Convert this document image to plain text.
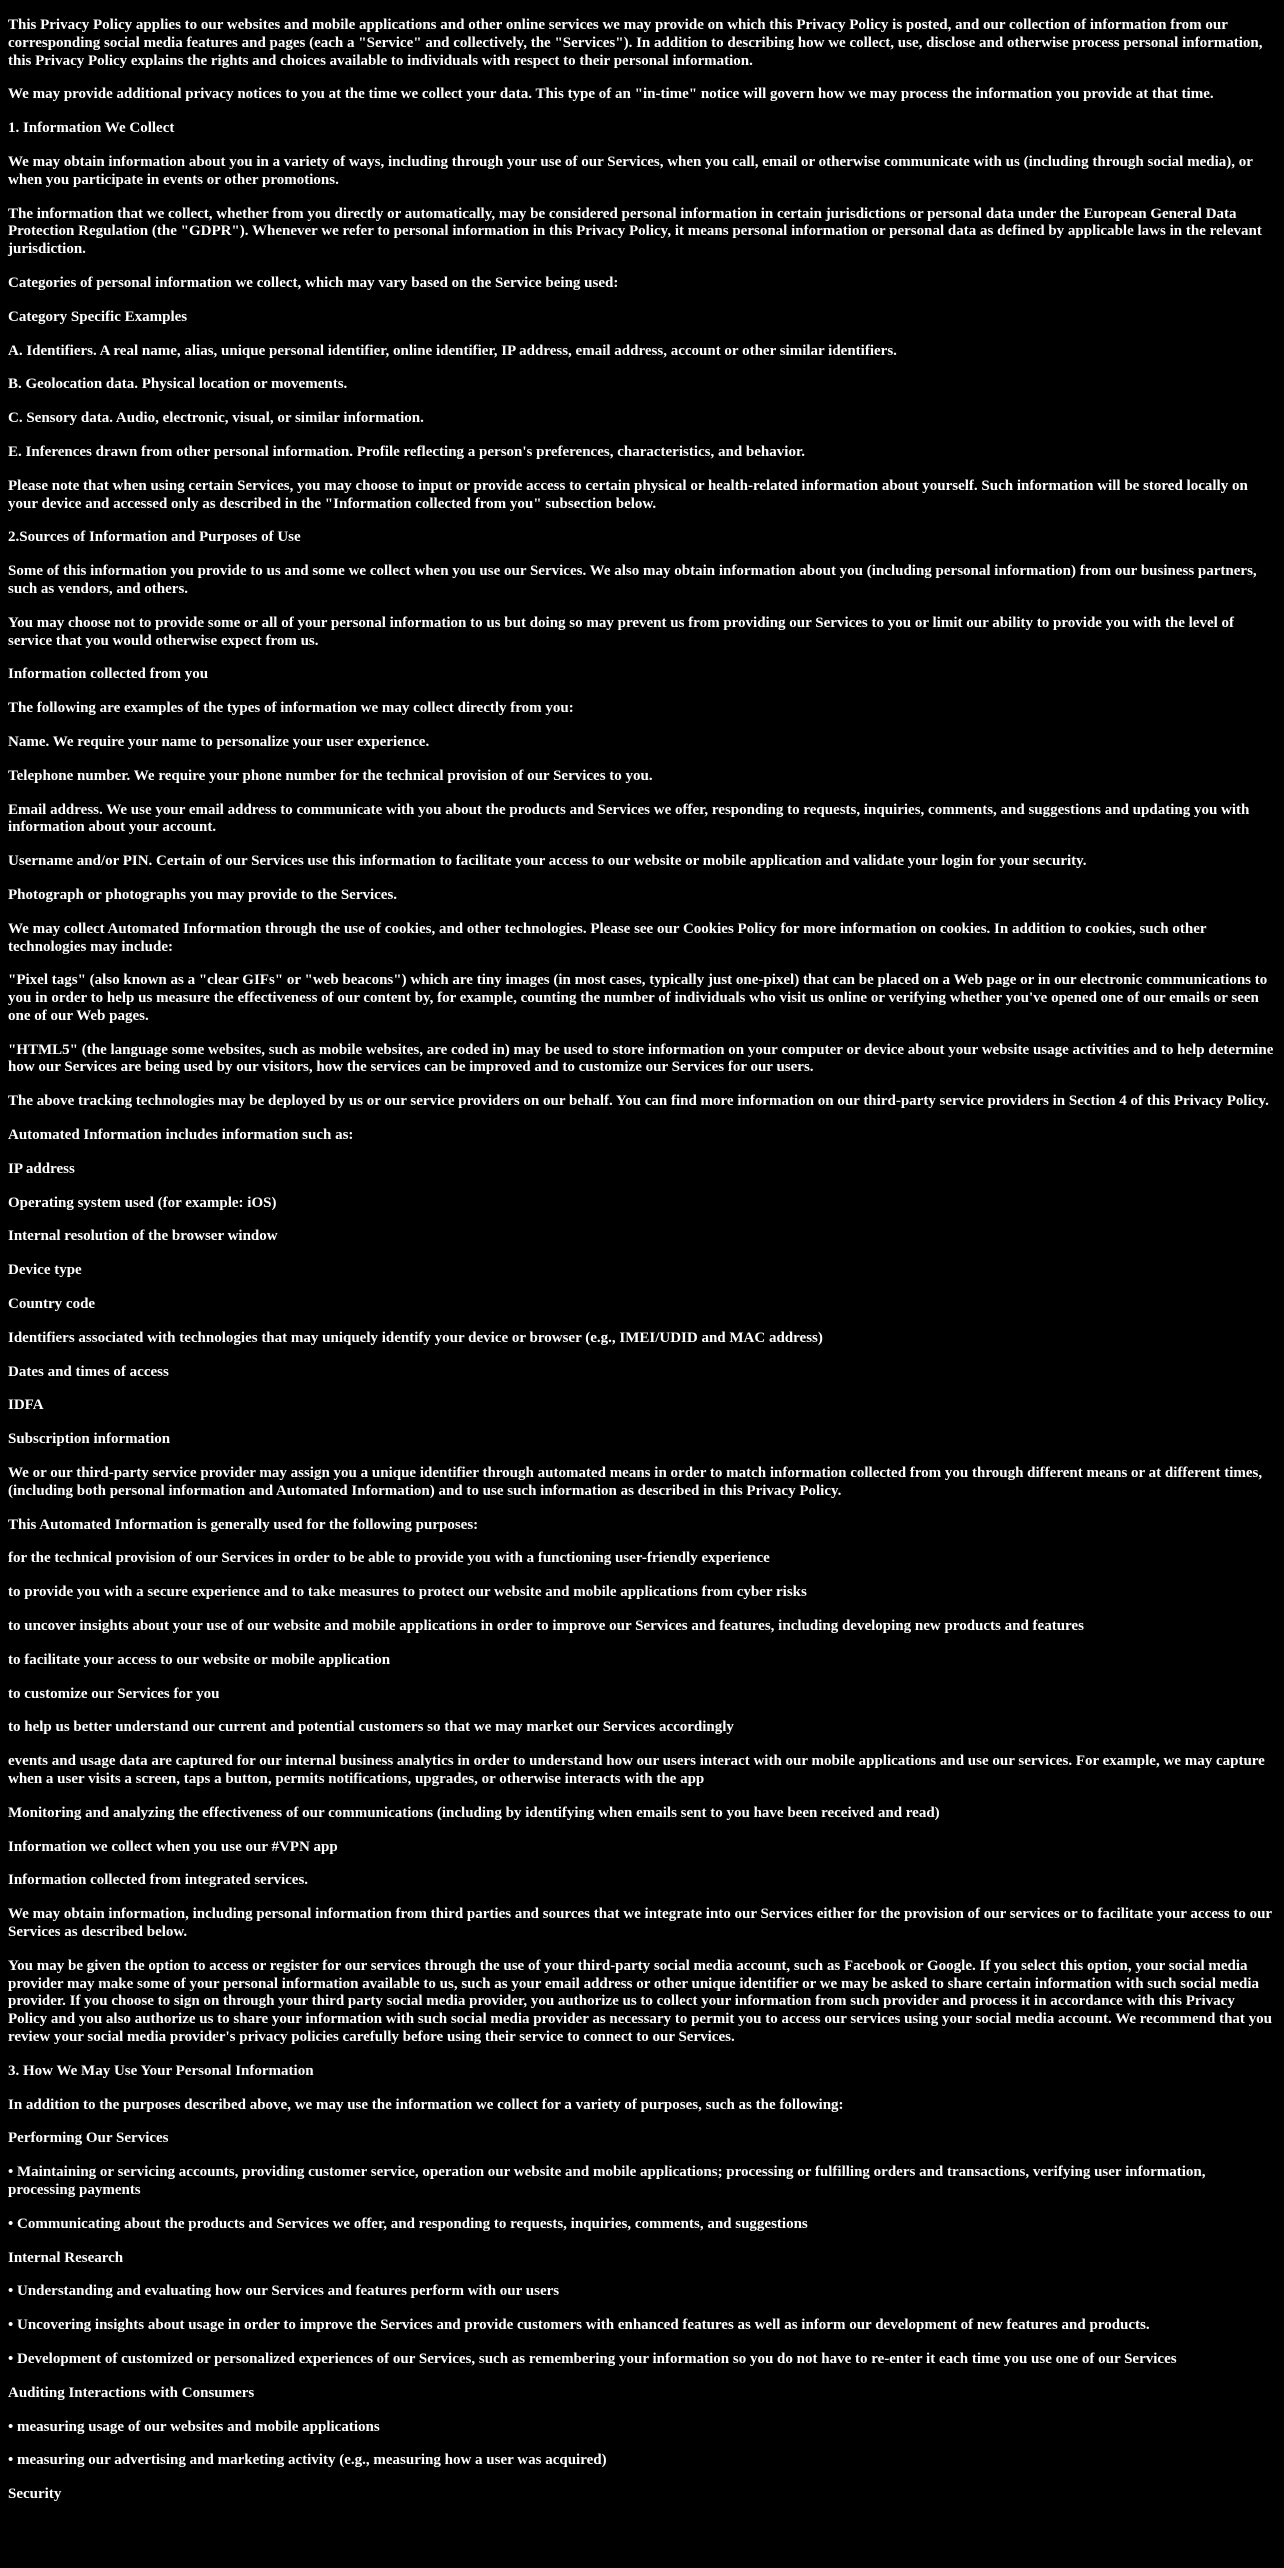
This Privacy Policy applies to our websites and mobile applications and other online services we may provide on which this Privacy Policy is posted, and our collection of information from our corresponding social media features and pages (each a "Service" and collectively, the "Services"). In addition to describing how we collect, use, disclose and otherwise process personal information, this Privacy Policy explains the rights and choices available to individuals with respect to their personal information.

We may provide additional privacy notices to you at the time we collect your data. This type of an "in-time" notice will govern how we may process the information you provide at that time.

1. Information We Collect

We may obtain information about you in a variety of ways, including through your use of our Services, when you call, email or otherwise communicate with us (including through social media), or when you participate in events or other promotions.

The information that we collect, whether from you directly or automatically, may be considered personal information in certain jurisdictions or personal data under the European General Data Protection Regulation (the "GDPR"). Whenever we refer to personal information in this Privacy Policy, it means personal information or personal data as defined by applicable laws in the relevant jurisdiction.

Categories of personal information we collect, which may vary based on the Service being used:

Category Specific Examples

A. Identifiers. A real name, alias, unique personal identifier, online identifier, IP address, email address, account or other similar identifiers.

B. Geolocation data. Physical location or movements.

C. Sensory data. Audio, electronic, visual, or similar information.

E. Inferences drawn from other personal information. Profile reflecting a person's preferences, characteristics, and behavior.

Please note that when using certain Services, you may choose to input or provide access to certain physical or health-related information about yourself. Such information will be stored locally on your device and accessed only as described in the "Information collected from you" subsection below.

2.Sources of Information and Purposes of Use

Some of this information you provide to us and some we collect when you use our Services. We also may obtain information about you (including personal information) from our business partners, such as vendors, and others.

You may choose not to provide some or all of your personal information to us but doing so may prevent us from providing our Services to you or limit our ability to provide you with the level of service that you would otherwise expect from us.

Information collected from you

The following are examples of the types of information we may collect directly from you:

Name. We require your name to personalize your user experience.

Telephone number. We require your phone number for the technical provision of our Services to you.

Email address. We use your email address to communicate with you about the products and Services we offer, responding to requests, inquiries, comments, and suggestions and updating you with information about your account.

Username and/or PIN. Certain of our Services use this information to facilitate your access to our website or mobile application and validate your login for your security.

Photograph or photographs you may provide to the Services.

We may collect Automated Information through the use of cookies, and other technologies. Please see our Cookies Policy for more information on cookies. In addition to cookies, such other technologies may include:

"Pixel tags" (also known as a "clear GIFs" or "web beacons") which are tiny images (in most cases, typically just one-pixel) that can be placed on a Web page or in our electronic communications to you in order to help us measure the effectiveness of our content by, for example, counting the number of individuals who visit us online or verifying whether you've opened one of our emails or seen one of our Web pages.

"HTML5" (the language some websites, such as mobile websites, are coded in) may be used to store information on your computer or device about your website usage activities and to help determine how our Services are being used by our visitors, how the services can be improved and to customize our Services for our users.

The above tracking technologies may be deployed by us or our service providers on our behalf. You can find more information on our third-party service providers in Section 4 of this Privacy Policy.

Automated Information includes information such as:

IP address

Operating system used (for example: iOS)

Internal resolution of the browser window

Device type

Country code

Identifiers associated with technologies that may uniquely identify your device or browser (e.g., IMEI/UDID and MAC address)

Dates and times of access

IDFA

Subscription information

We or our third-party service provider may assign you a unique identifier through automated means in order to match information collected from you through different means or at different times, (including both personal information and Automated Information) and to use such information as described in this Privacy Policy.

This Automated Information is generally used for the following purposes:

for the technical provision of our Services in order to be able to provide you with a functioning user-friendly experience

to provide you with a secure experience and to take measures to protect our website and mobile applications from cyber risks

to uncover insights about your use of our website and mobile applications in order to improve our Services and features, including developing new products and features

to facilitate your access to our website or mobile application

to customize our Services for you

to help us better understand our current and potential customers so that we may market our Services accordingly

events and usage data are captured for our internal business analytics in order to understand how our users interact with our mobile applications and use our services. For example, we may capture when a user visits a screen, taps a button, permits notifications, upgrades, or otherwise interacts with the app

Monitoring and analyzing the effectiveness of our communications (including by identifying when emails sent to you have been received and read)

Information we collect when you use our #VPN app

Information collected from integrated services.

We may obtain information, including personal information from third parties and sources that we integrate into our Services either for the provision of our services or to facilitate your access to our Services as described below.

You may be given the option to access or register for our services through the use of your third-party social media account, such as Facebook or Google. If you select this option, your social media provider may make some of your personal information available to us, such as your email address or other unique identifier or we may be asked to share certain information with such social media provider. If you choose to sign on through your third party social media provider, you authorize us to collect your information from such provider and process it in accordance with this Privacy Policy and you also authorize us to share your information with such social media provider as necessary to permit you to access our services using your social media account. We recommend that you review your social media provider's privacy policies carefully before using their service to connect to our Services.

3. How We May Use Your Personal Information

In addition to the purposes described above, we may use the information we collect for a variety of purposes, such as the following:

Performing Our Services

• Maintaining or servicing accounts, providing customer service, operation our website and mobile applications; processing or fulfilling orders and transactions, verifying user information, processing payments

• Communicating about the products and Services we offer, and responding to requests, inquiries, comments, and suggestions

Internal Research

• Understanding and evaluating how our Services and features perform with our users

• Uncovering insights about usage in order to improve the Services and provide customers with enhanced features as well as inform our development of new features and products.

• Development of customized or personalized experiences of our Services, such as remembering your information so you do not have to re-enter it each time you use one of our Services

Auditing Interactions with Consumers

• measuring usage of our websites and mobile applications

• measuring our advertising and marketing activity (e.g., measuring how a user was acquired)

Security
